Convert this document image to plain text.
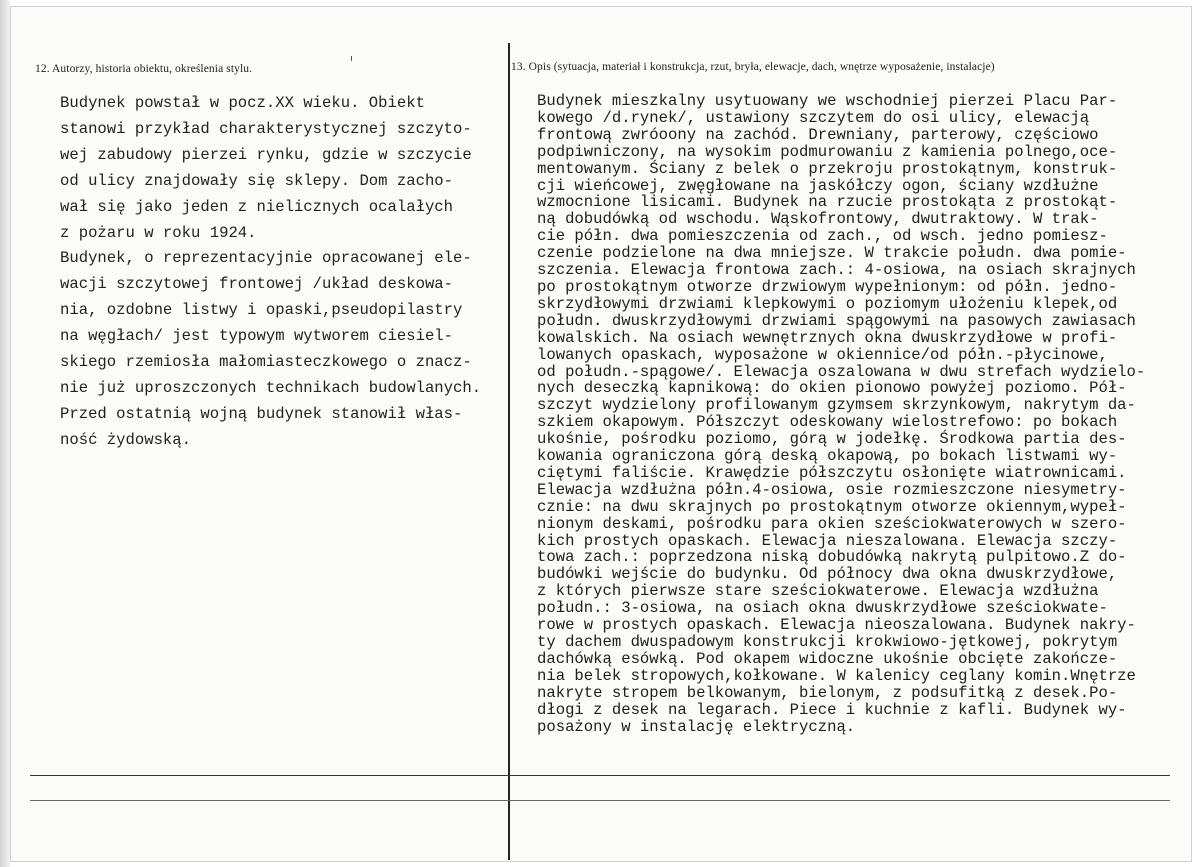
12. Autorzy, historia obiektu, określenia stylu.	13. Opis (sytuacja, materiał i konstrukcja, rzut, bryła, elewacje, dach, wnętrze wyposażenie, instalacje)
Budynek powstał w pocz.XX wieku. Obiekt
stanowi przykład charakterystycznej szczyto-
wej zabudowy pierzei rynku, gdzie w szczycie
od ulicy znajdowały się sklepy. Dom zacho-
wał się jako jeden z nielicznych ocalałych
z pożaru w roku 1924.
Budynek, o reprezentacyjnie opracowanej ele-
wacji szczytowej frontowej /układ deskowa-
nia, ozdobne listwy i opaski,pseudopilastry
na węgłach/ jest typowym wytworem ciesiel-
skiego rzemiosła małomiasteczkowego o znacz-
nie już uproszczonych technikach budowlanych.
Przed ostatnią wojną budynek stanowił włas-
ność żydowską.
Budynek mieszkalny usytuowany we wschodniej pierzei Placu Par-
kowego /d.rynek/, ustawiony szczytem do osi ulicy, elewacją
frontową zwróoony na zachód. Drewniany, parterowy, częściowo
podpiwniczony, na wysokim podmurowaniu z kamienia polnego,oce-
mentowanym. Ściany z belek o przekroju prostokątnym, konstruk-
cji wieńcowej, zwęgłowane na jaskółczy ogon, ściany wzdłużne
wzmocnione lisicami. Budynek na rzucie prostokąta z prostokąt-
ną dobudówką od wschodu. Wąskofrontowy, dwutraktowy. W trak-
cie półn. dwa pomieszczenia od zach., od wsch. jedno pomiesz-
czenie podzielone na dwa mniejsze. W trakcie połudn. dwa pomie-
szczenia. Elewacja frontowa zach.: 4-osiowa, na osiach skrajnych
po prostokątnym otworze drzwiowym wypełnionym: od półn. jedno-
skrzydłowymi drzwiami klepkowymi o poziomym ułożeniu klepek,od
połudn. dwuskrzydłowymi drzwiami spągowymi na pasowych zawiasach
kowalskich. Na osiach wewnętrznych okna dwuskrzydłowe w profi-
lowanych opaskach, wyposażone w okiennice/od półn.-płycinowe,
od połudn.-spągowe/. Elewacja oszalowana w dwu strefach wydzielo-
nych deseczką kapnikową: do okien pionowo powyżej poziomo. Pół-
szczyt wydzielony profilowanym gzymsem skrzynkowym, nakrytym da-
szkiem okapowym. Półszczyt odeskowany wielostrefowo: po bokach
ukośnie, pośrodku poziomo, górą w jodełkę. Środkowa partia des-
kowania ograniczona górą deską okapową, po bokach listwami wy-
ciętymi faliście. Krawędzie półszczytu osłonięte wiatrownicami.
Elewacja wzdłużna półn.4-osiowa, osie rozmieszczone niesymetry-
cznie: na dwu skrajnych po prostokątnym otworze okiennym,wypeł-
nionym deskami, pośrodku para okien sześciokwaterowych w szero-
kich prostych opaskach. Elewacja nieszalowana. Elewacja szczy-
towa zach.: poprzedzona niską dobudówką nakrytą pulpitowo.Z do-
budówki wejście do budynku. Od północy dwa okna dwuskrzydłowe,
z których pierwsze stare sześciokwaterowe. Elewacja wzdłużna
połudn.: 3-osiowa, na osiach okna dwuskrzydłowe sześciokwate-
rowe w prostych opaskach. Elewacja nieoszalowana. Budynek nakry-
ty dachem dwuspadowym konstrukcji krokwiowo-jętkowej, pokrytym
dachówką esówką. Pod okapem widoczne ukośnie obcięte zakończe-
nia belek stropowych,kołkowane. W kalenicy ceglany komin.Wnętrze
nakryte stropem belkowanym, bielonym, z podsufitką z desek.Po-
dłogi z desek na legarach. Piece i kuchnie z kafli. Budynek wy-
posażony w instalację elektryczną.
